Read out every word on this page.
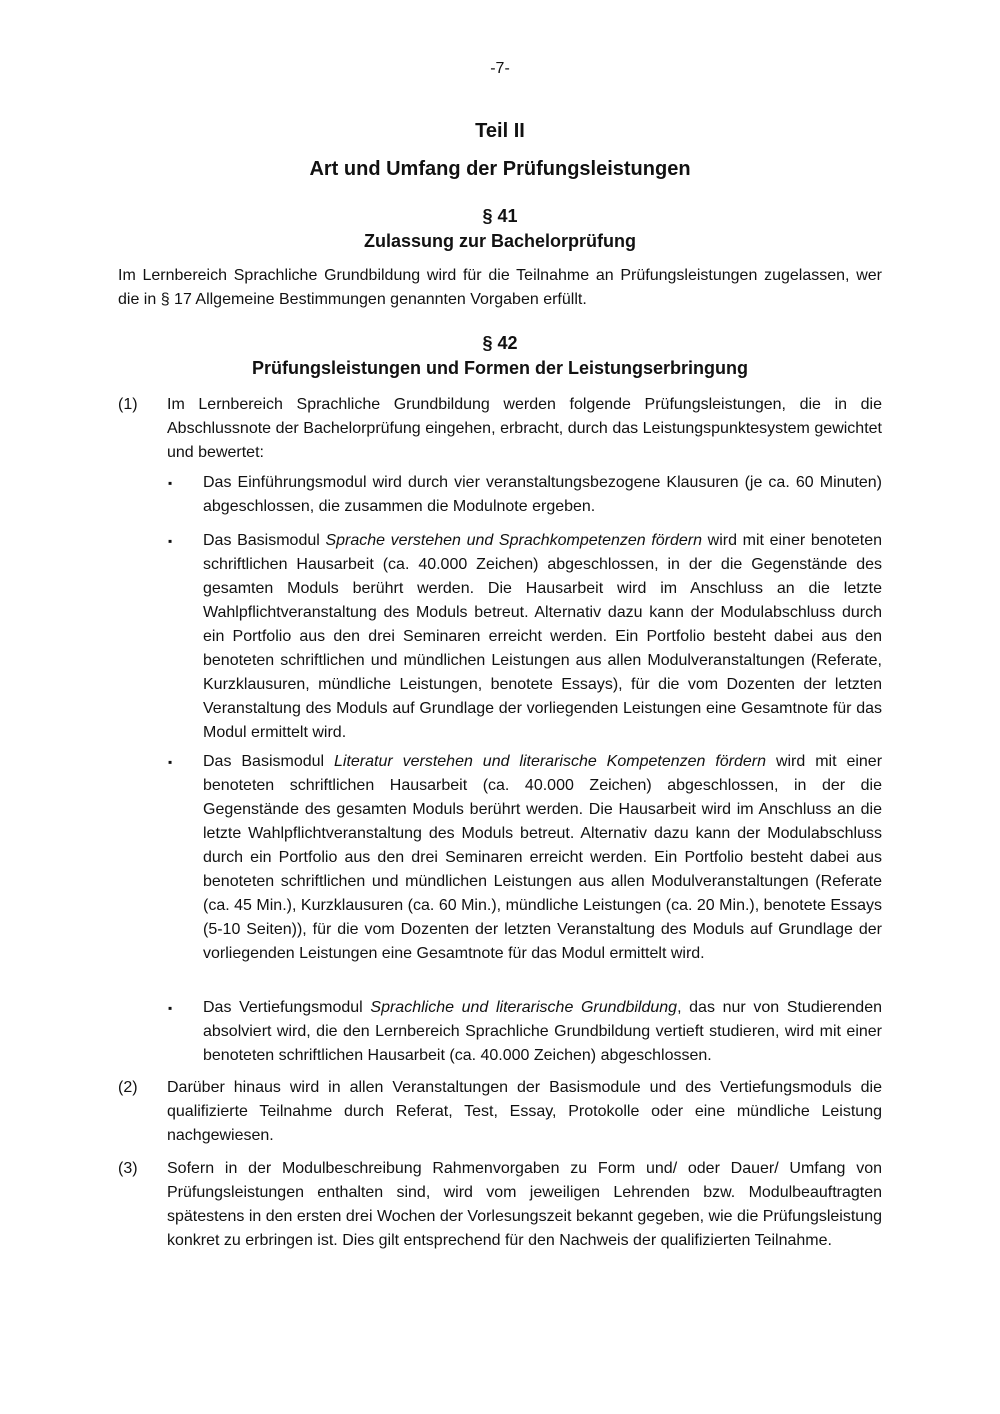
-7-
Teil II
Art und Umfang der Prüfungsleistungen
§ 41
Zulassung zur Bachelorprüfung
Im Lernbereich Sprachliche Grundbildung wird für die Teilnahme an Prüfungsleistungen zugelassen, wer die in § 17 Allgemeine Bestimmungen genannten Vorgaben erfüllt.
§ 42
Prüfungsleistungen und Formen der Leistungserbringung
(1) Im Lernbereich Sprachliche Grundbildung werden folgende Prüfungsleistungen, die in die Abschlussnote der Bachelorprüfung eingehen, erbracht, durch das Leistungspunktesystem gewichtet und bewertet:
▪ Das Einführungsmodul wird durch vier veranstaltungsbezogene Klausuren (je ca. 60 Minuten) abgeschlossen, die zusammen die Modulnote ergeben.
▪ Das Basismodul Sprache verstehen und Sprachkompetenzen fördern wird mit einer benoteten schriftlichen Hausarbeit (ca. 40.000 Zeichen) abgeschlossen, in der die Gegenstände des gesamten Moduls berührt werden. Die Hausarbeit wird im Anschluss an die letzte Wahlpflichtveranstaltung des Moduls betreut. Alternativ dazu kann der Modulabschluss durch ein Portfolio aus den drei Seminaren erreicht werden. Ein Portfolio besteht dabei aus den benoteten schriftlichen und mündlichen Leistungen aus allen Modulveranstaltungen (Referate, Kurzklausuren, mündliche Leistungen, benotete Essays), für die vom Dozenten der letzten Veranstaltung des Moduls auf Grundlage der vorliegenden Leistungen eine Gesamtnote für das Modul ermittelt wird.
▪ Das Basismodul Literatur verstehen und literarische Kompetenzen fördern wird mit einer benoteten schriftlichen Hausarbeit (ca. 40.000 Zeichen) abgeschlossen, in der die Gegenstände des gesamten Moduls berührt werden. Die Hausarbeit wird im Anschluss an die letzte Wahlpflichtveranstaltung des Moduls betreut. Alternativ dazu kann der Modulabschluss durch ein Portfolio aus den drei Seminaren erreicht werden. Ein Portfolio besteht dabei aus benoteten schriftlichen und mündlichen Leistungen aus allen Modulveranstaltungen (Referate (ca. 45 Min.), Kurzklausuren (ca. 60 Min.), mündliche Leistungen (ca. 20 Min.), benotete Essays (5-10 Seiten)), für die vom Dozenten der letzten Veranstaltung des Moduls auf Grundlage der vorliegenden Leistungen eine Gesamtnote für das Modul ermittelt wird.
▪ Das Vertiefungsmodul Sprachliche und literarische Grundbildung, das nur von Studierenden absolviert wird, die den Lernbereich Sprachliche Grundbildung vertieft studieren, wird mit einer benoteten schriftlichen Hausarbeit (ca. 40.000 Zeichen) abgeschlossen.
(2) Darüber hinaus wird in allen Veranstaltungen der Basismodule und des Vertiefungsmoduls die qualifizierte Teilnahme durch Referat, Test, Essay, Protokolle oder eine mündliche Leistung nachgewiesen.
(3) Sofern in der Modulbeschreibung Rahmenvorgaben zu Form und/ oder Dauer/ Umfang von Prüfungsleistungen enthalten sind, wird vom jeweiligen Lehrenden bzw. Modulbeauftragten spätestens in den ersten drei Wochen der Vorlesungszeit bekannt gegeben, wie die Prüfungsleistung konkret zu erbringen ist. Dies gilt entsprechend für den Nachweis der qualifizierten Teilnahme.
